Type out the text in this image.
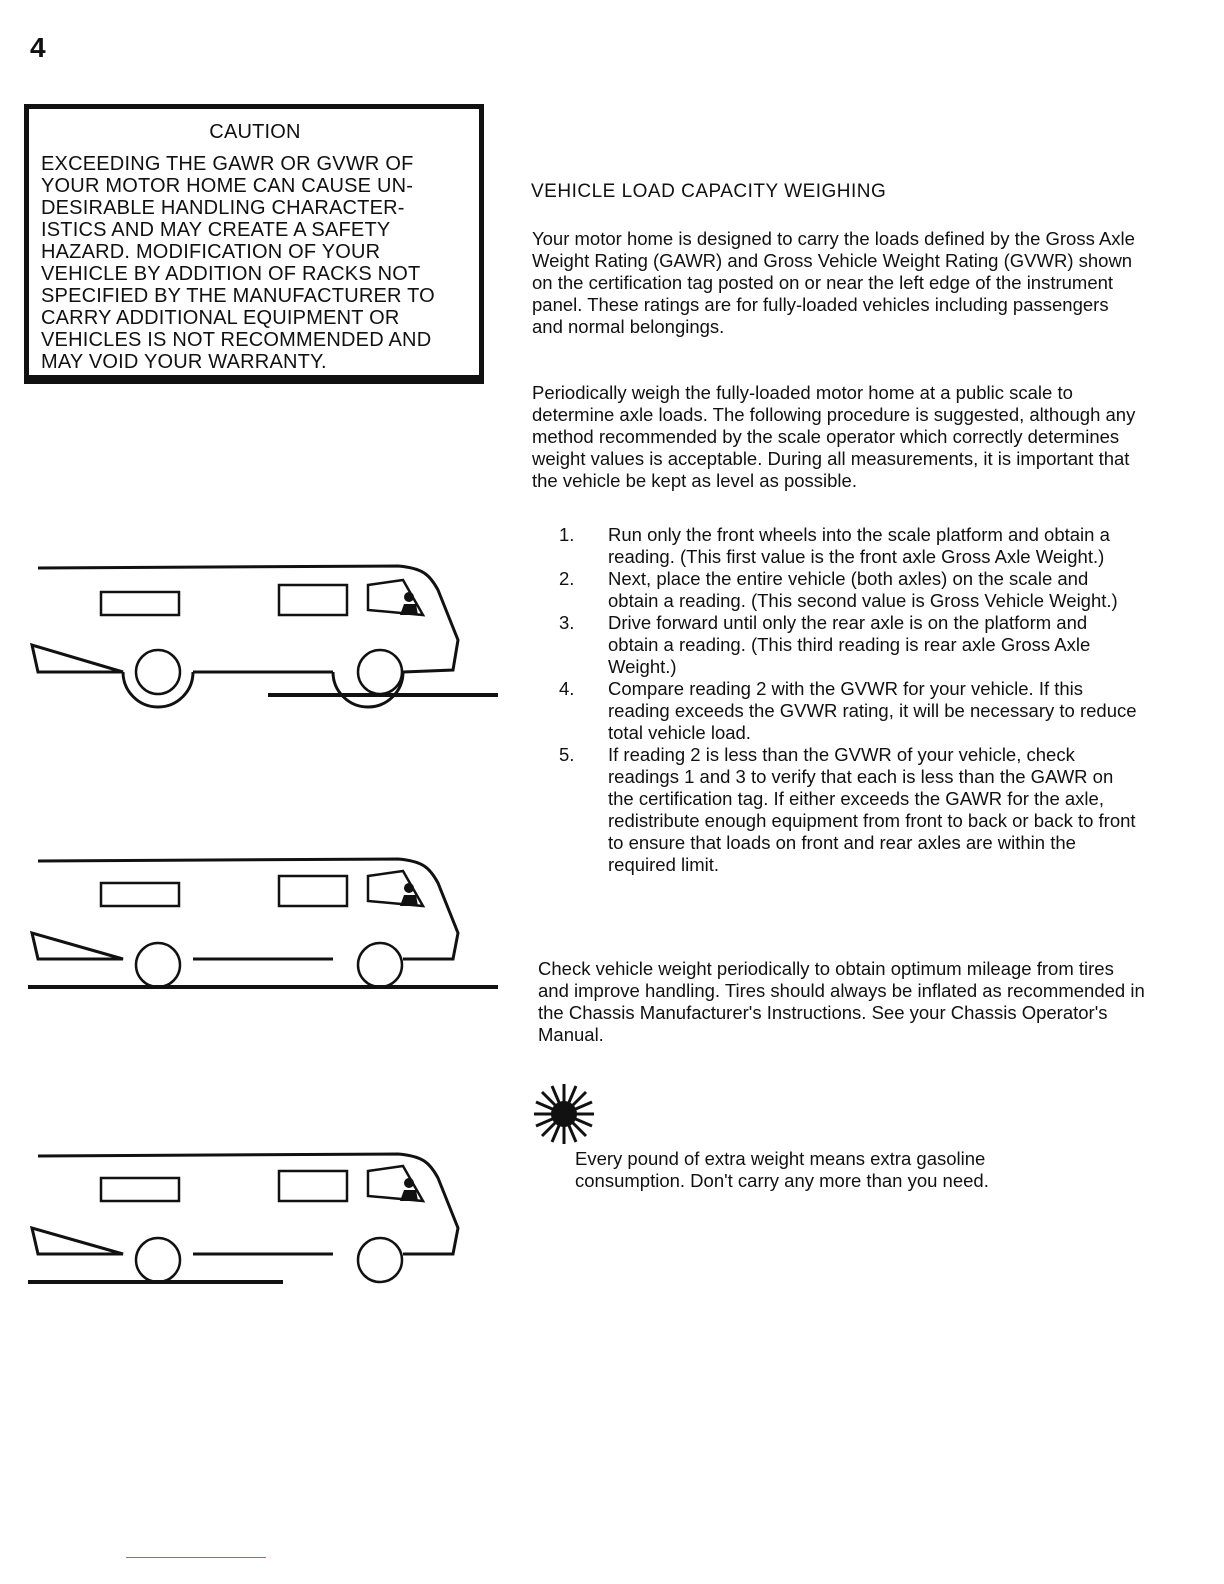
4
CAUTION
EXCEEDING THE GAWR OR GVWR OF
YOUR MOTOR HOME CAN CAUSE UN-
DESIRABLE HANDLING CHARACTER-
ISTICS AND MAY CREATE A SAFETY
HAZARD. MODIFICATION OF YOUR
VEHICLE BY ADDITION OF RACKS NOT
SPECIFIED BY THE MANUFACTURER TO
CARRY ADDITIONAL EQUIPMENT OR
VEHICLES IS NOT RECOMMENDED AND
MAY VOID YOUR WARRANTY.
VEHICLE LOAD CAPACITY WEIGHING
Your motor home is designed to carry the loads defined by the Gross Axle Weight Rating (GAWR) and Gross Vehicle Weight Rating (GVWR) shown on the certification tag posted on or near the left edge of the instrument panel. These ratings are for fully-loaded vehicles including passengers and normal belongings.
Periodically weigh the fully-loaded motor home at a public scale to determine axle loads. The following procedure is suggested, although any method recommended by the scale operator which correctly determines weight values is acceptable. During all measurements, it is important that the vehicle be kept as level as possible.
1.	Run only the front wheels into the scale platform and obtain a reading. (This first value is the front axle Gross Axle Weight.)
2.	Next, place the entire vehicle (both axles) on the scale and obtain a reading. (This second value is Gross Vehicle Weight.)
3.	Drive forward until only the rear axle is on the platform and obtain a reading. (This third reading is rear axle Gross Axle Weight.)
4.	Compare reading 2 with the GVWR for your vehicle. If this reading exceeds the GVWR rating, it will be necessary to reduce total vehicle load.
5.	If reading 2 is less than the GVWR of your vehicle, check readings 1 and 3 to verify that each is less than the GAWR on the certification tag. If either exceeds the GAWR for the axle, redistribute enough equipment from front to back or back to front to ensure that loads on front and rear axles are within the required limit.
Check vehicle weight periodically to obtain optimum mileage from tires and improve handling. Tires should always be inflated as recommended in the Chassis Manufacturer's Instructions. See your Chassis Operator's Manual.
Every pound of extra weight means extra gasoline consumption. Don't carry any more than you need.
